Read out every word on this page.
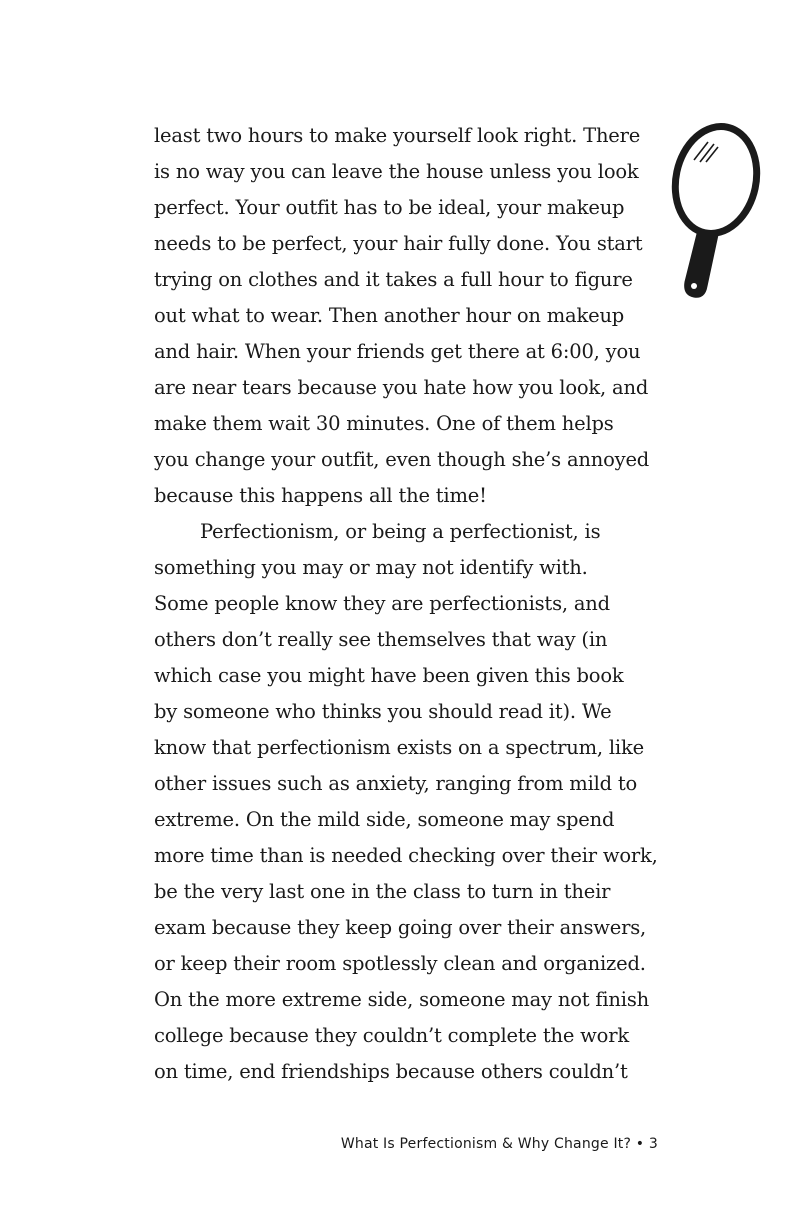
least two hours to make yourself look right. There
is no way you can leave the house unless you look
perfect. Your outfit has to be ideal, your makeup
needs to be perfect, your hair fully done. You start
trying on clothes and it takes a full hour to figure
out what to wear. Then another hour on makeup
and hair. When your friends get there at 6:00, you
are near tears because you hate how you look, and
make them wait 30 minutes. One of them helps
you change your outfit, even though she’s annoyed
because this happens all the time!
Perfectionism, or being a perfectionist, is
something you may or may not identify with.
Some people know they are perfectionists, and
others don’t really see themselves that way (in
which case you might have been given this book
by someone who thinks you should read it). We
know that perfectionism exists on a spectrum, like
other issues such as anxiety, ranging from mild to
extreme. On the mild side, someone may spend
more time than is needed checking over their work,
be the very last one in the class to turn in their
exam because they keep going over their answers,
or keep their room spotlessly clean and organized.
On the more extreme side, someone may not finish
college because they couldn’t complete the work
on time, end friendships because others couldn’t
What Is Perfectionism & Why Change It? • 3
